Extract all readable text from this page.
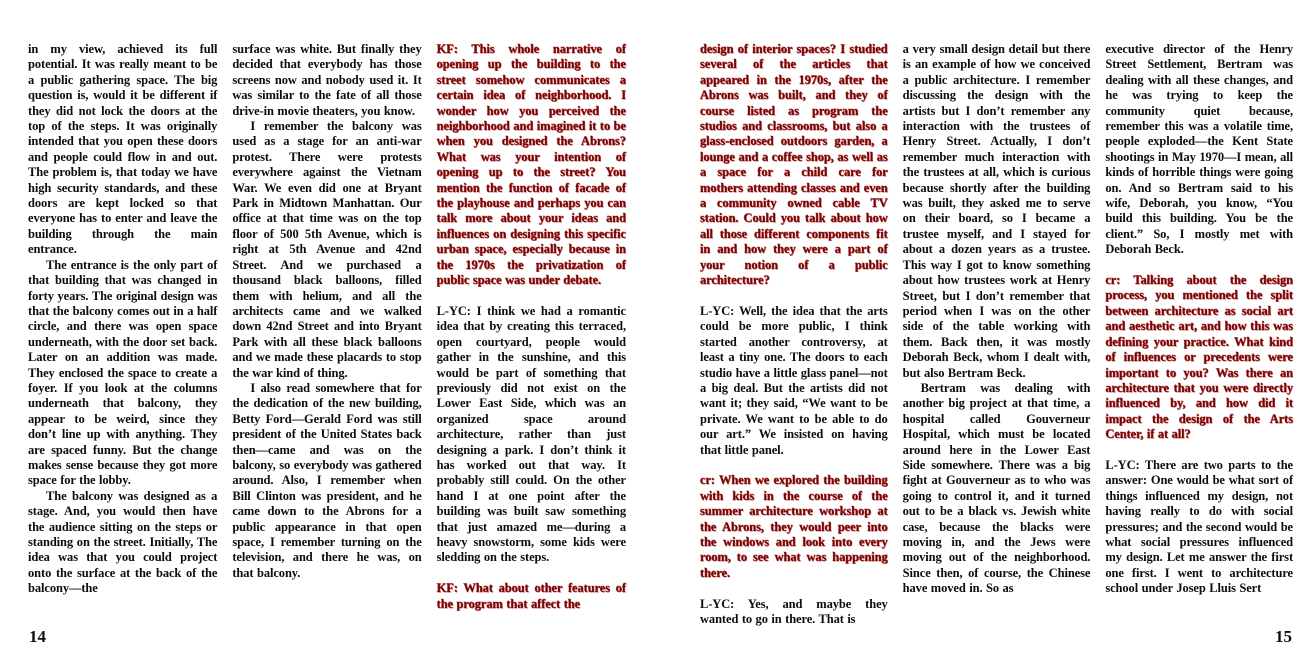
in my view, achieved its full potential. It was really meant to be a public gathering space. The big question is, would it be different if they did not lock the doors at the top of the steps. It was originally intended that you open these doors and people could flow in and out. The problem is, that today we have high security standards, and these doors are kept locked so that everyone has to enter and leave the building through the main entrance.

The entrance is the only part of that building that was changed in forty years. The original design was that the balcony comes out in a half circle, and there was open space underneath, with the door set back. Later on an addition was made. They enclosed the space to create a foyer. If you look at the columns underneath that balcony, they appear to be weird, since they don’t line up with anything. They are spaced funny. But the change makes sense because they got more space for the lobby.

The balcony was designed as a stage. And, you would then have the audience sitting on the steps or standing on the street. Initially, The idea was that you could project onto the surface at the back of the balcony—the

surface was white. But finally they decided that everybody has those screens now and nobody used it. It was similar to the fate of all those drive-in movie theaters, you know.

I remember the balcony was used as a stage for an anti-war protest. There were protests everywhere against the Vietnam War. We even did one at Bryant Park in Midtown Manhattan. Our office at that time was on the top floor of 500 5th Avenue, which is right at 5th Avenue and 42nd Street. And we purchased a thousand black balloons, filled them with helium, and all the architects came and we walked down 42nd Street and into Bryant Park with all these black balloons and we made these placards to stop the war kind of thing.

I also read somewhere that for the dedication of the new building, Betty Ford—Gerald Ford was still president of the United States back then—came and was on the balcony, so everybody was gathered around. Also, I remember when Bill Clinton was president, and he came down to the Abrons for a public appearance in that open space, I remember turning on the television, and there he was, on that balcony.

KF: This whole narrative of opening up the building to the street somehow communicates a certain idea of neighborhood. I wonder how you perceived the neighborhood and imagined it to be when you designed the Abrons? What was your intention of opening up to the street? You mention the function of facade of the playhouse and perhaps you can talk more about your ideas and influences on designing this specific urban space, especially because in the 1970s the privatization of public space was under debate.

L-YC: I think we had a romantic idea that by creating this terraced, open courtyard, people would gather in the sunshine, and this would be part of something that previously did not exist on the Lower East Side, which was an organized space around architecture, rather than just designing a park. I don’t think it has worked out that way. It probably still could. On the other hand I at one point after the building was built saw something that just amazed me—during a heavy snowstorm, some kids were sledding on the steps.

KF: What about other features of the program that affect the

14

design of interior spaces? I studied several of the articles that appeared in the 1970s, after the Abrons was built, and they of course listed as program the studios and classrooms, but also a glass-enclosed outdoors garden, a lounge and a coffee shop, as well as a space for a child care for mothers attending classes and even a community owned cable TV station. Could you talk about how all those different components fit in and how they were a part of your notion of a public architecture?

L-YC: Well, the idea that the arts could be more public, I think started another controversy, at least a tiny one. The doors to each studio have a little glass panel—not a big deal. But the artists did not want it; they said, “We want to be private. We want to be able to do our art.” We insisted on having that little panel.

cr: When we explored the building with kids in the course of the summer architecture workshop at the Abrons, they would peer into the windows and look into every room, to see what was happening there.

L-YC: Yes, and maybe they wanted to go in there. That is

a very small design detail but there is an example of how we conceived a public architecture. I remember discussing the design with the artists but I don’t remember any interaction with the trustees of Henry Street. Actually, I don’t remember much interaction with the trustees at all, which is curious because shortly after the building was built, they asked me to serve on their board, so I became a trustee myself, and I stayed for about a dozen years as a trustee. This way I got to know something about how trustees work at Henry Street, but I don’t remember that period when I was on the other side of the table working with them. Back then, it was mostly Deborah Beck, whom I dealt with, but also Bertram Beck.

Bertram was dealing with another big project at that time, a hospital called Gouverneur Hospital, which must be located around here in the Lower East Side somewhere. There was a big fight at Gouverneur as to who was going to control it, and it turned out to be a black vs. Jewish white case, because the blacks were moving in, and the Jews were moving out of the neighborhood. Since then, of course, the Chinese have moved in. So as

executive director of the Henry Street Settlement, Bertram was dealing with all these changes, and he was trying to keep the community quiet because, remember this was a volatile time, people exploded—the Kent State shootings in May 1970—I mean, all kinds of horrible things were going on. And so Bertram said to his wife, Deborah, you know, “You build this building. You be the client.” So, I mostly met with Deborah Beck.

cr: Talking about the design process, you mentioned the split between architecture as social art and aesthetic art, and how this was defining your practice. What kind of influences or precedents were important to you? Was there an architecture that you were directly influenced by, and how did it impact the design of the Arts Center, if at all?

L-YC: There are two parts to the answer: One would be what sort of things influenced my design, not having really to do with social pressures; and the second would be what social pressures influenced my design. Let me answer the first one first. I went to architecture school under Josep Lluis Sert

15
